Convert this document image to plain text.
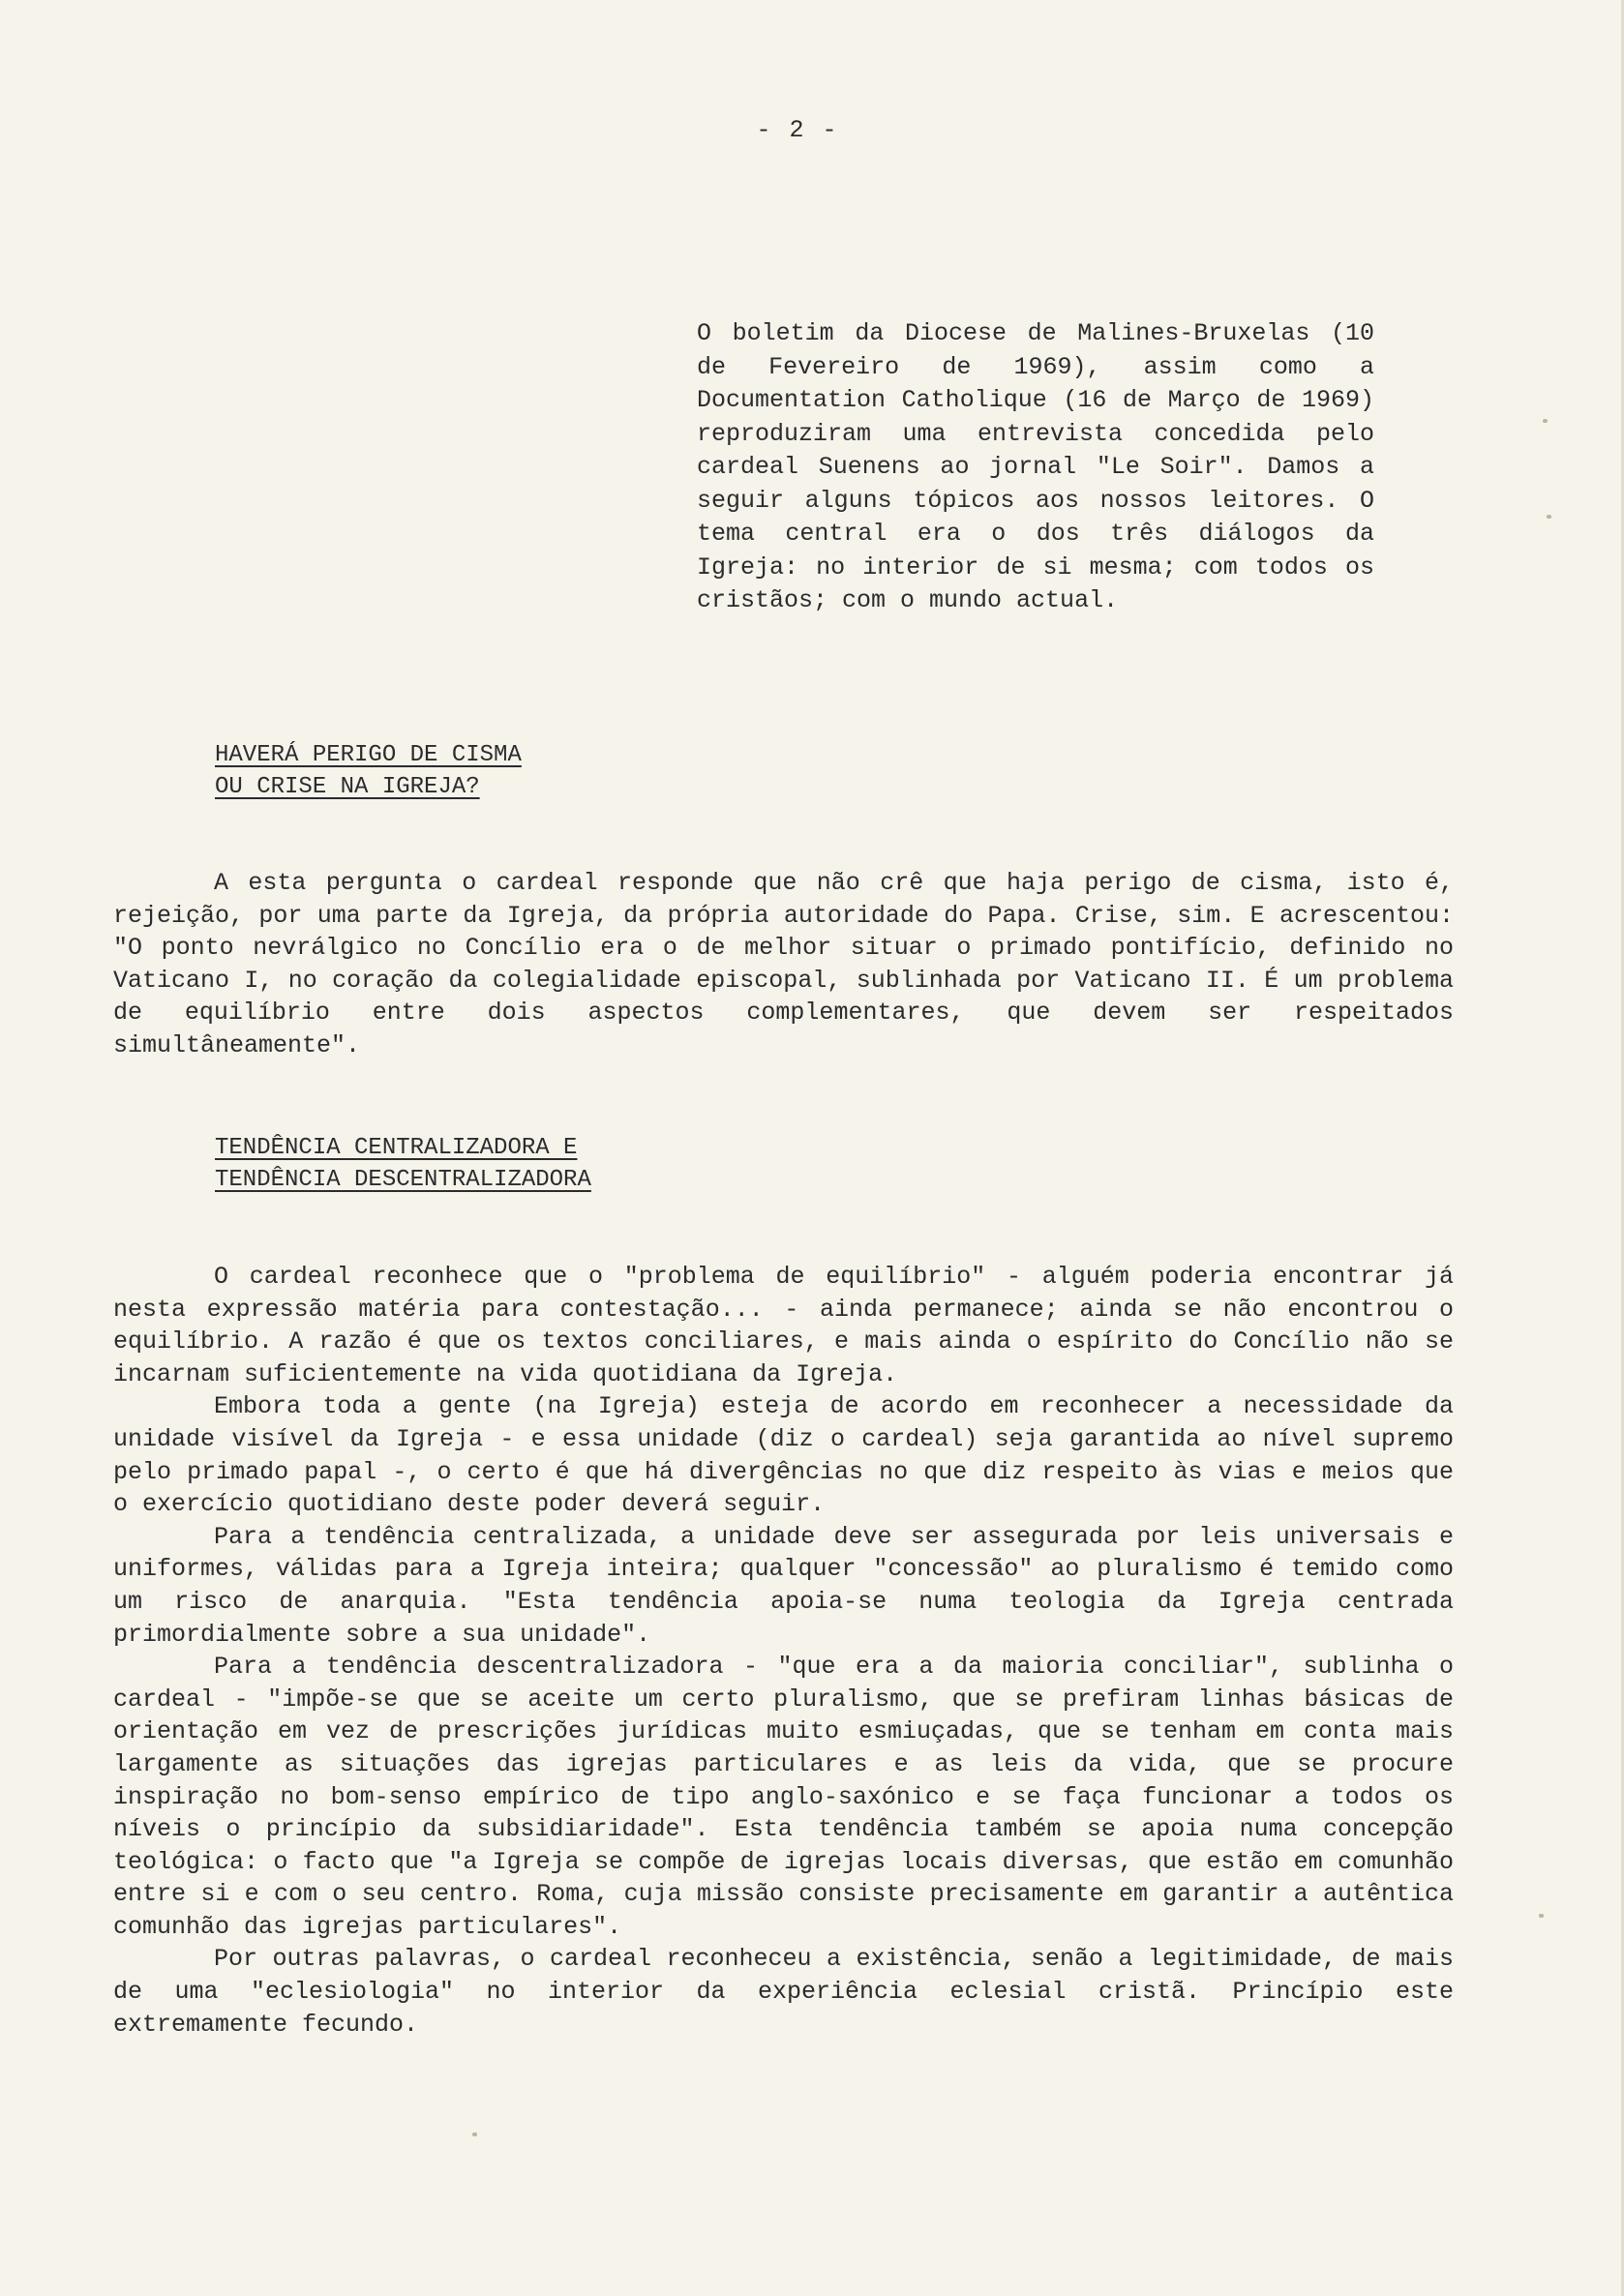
- 2 -
O boletim da Diocese de Malines-Bruxelas (10 de Fevereiro de 1969), assim como a Documentation Catholique (16 de Março de 1969) reproduziram uma entrevista concedida pelo cardeal Suenens ao jornal "Le Soir". Damos a seguir alguns tópicos aos nossos leitores. O tema central era o dos três diálogos da Igreja: no interior de si mesma; com todos os cristãos; com o mundo actual.
HAVERÁ PERIGO DE CISMA
OU CRISE NA IGREJA?

A esta pergunta o cardeal responde que não crê que haja perigo de cisma, isto é, rejeição, por uma parte da Igreja, da própria autoridade do Papa. Crise, sim. E acrescentou: "O ponto nevrálgico no Concílio era o de melhor situar o primado pontifício, definido no Vaticano I, no coração da colegialidade episcopal, sublinhada por Vaticano II. É um problema de equilíbrio entre dois aspectos complementares, que devem ser respeitados simultâneamente".

TENDÊNCIA CENTRALIZADORA E
TENDÊNCIA DESCENTRALIZADORA

O cardeal reconhece que o "problema de equilíbrio" - alguém poderia encontrar já nesta expressão matéria para contestação... - ainda permanece; ainda se não encontrou o equilíbrio. A razão é que os textos conciliares, e mais ainda o espírito do Concílio não se incarnam suficientemente na vida quotidiana da Igreja.

Embora toda a gente (na Igreja) esteja de acordo em reconhecer a necessidade da unidade visível da Igreja - e essa unidade (diz o cardeal) seja garantida ao nível supremo pelo primado papal -, o certo é que há divergências no que diz respeito às vias e meios que o exercício quotidiano deste poder deverá seguir.

Para a tendência centralizada, a unidade deve ser assegurada por leis universais e uniformes, válidas para a Igreja inteira; qualquer "concessão" ao pluralismo é temido como um risco de anarquia. "Esta tendência apoia-se numa teologia da Igreja centrada primordialmente sobre a sua unidade".

Para a tendência descentralizadora - "que era a da maioria conciliar", sublinha o cardeal - "impõe-se que se aceite um certo pluralismo, que se prefiram linhas básicas de orientação em vez de prescrições jurídicas muito esmiuçadas, que se tenham em conta mais largamente as situações das igrejas particulares e as leis da vida, que se procure inspiração no bom-senso empírico de tipo anglo-saxónico e se faça funcionar a todos os níveis o princípio da subsidiaridade". Esta tendência também se apoia numa concepção teológica: o facto que "a Igreja se compõe de igrejas locais diversas, que estão em comunhão entre si e com o seu centro. Roma, cuja missão consiste precisamente em garantir a autêntica comunhão das igrejas particulares".

Por outras palavras, o cardeal reconheceu a existência, senão a legitimidade, de mais de uma "eclesiologia" no interior da experiência eclesial cristã. Princípio este extremamente fecundo.
